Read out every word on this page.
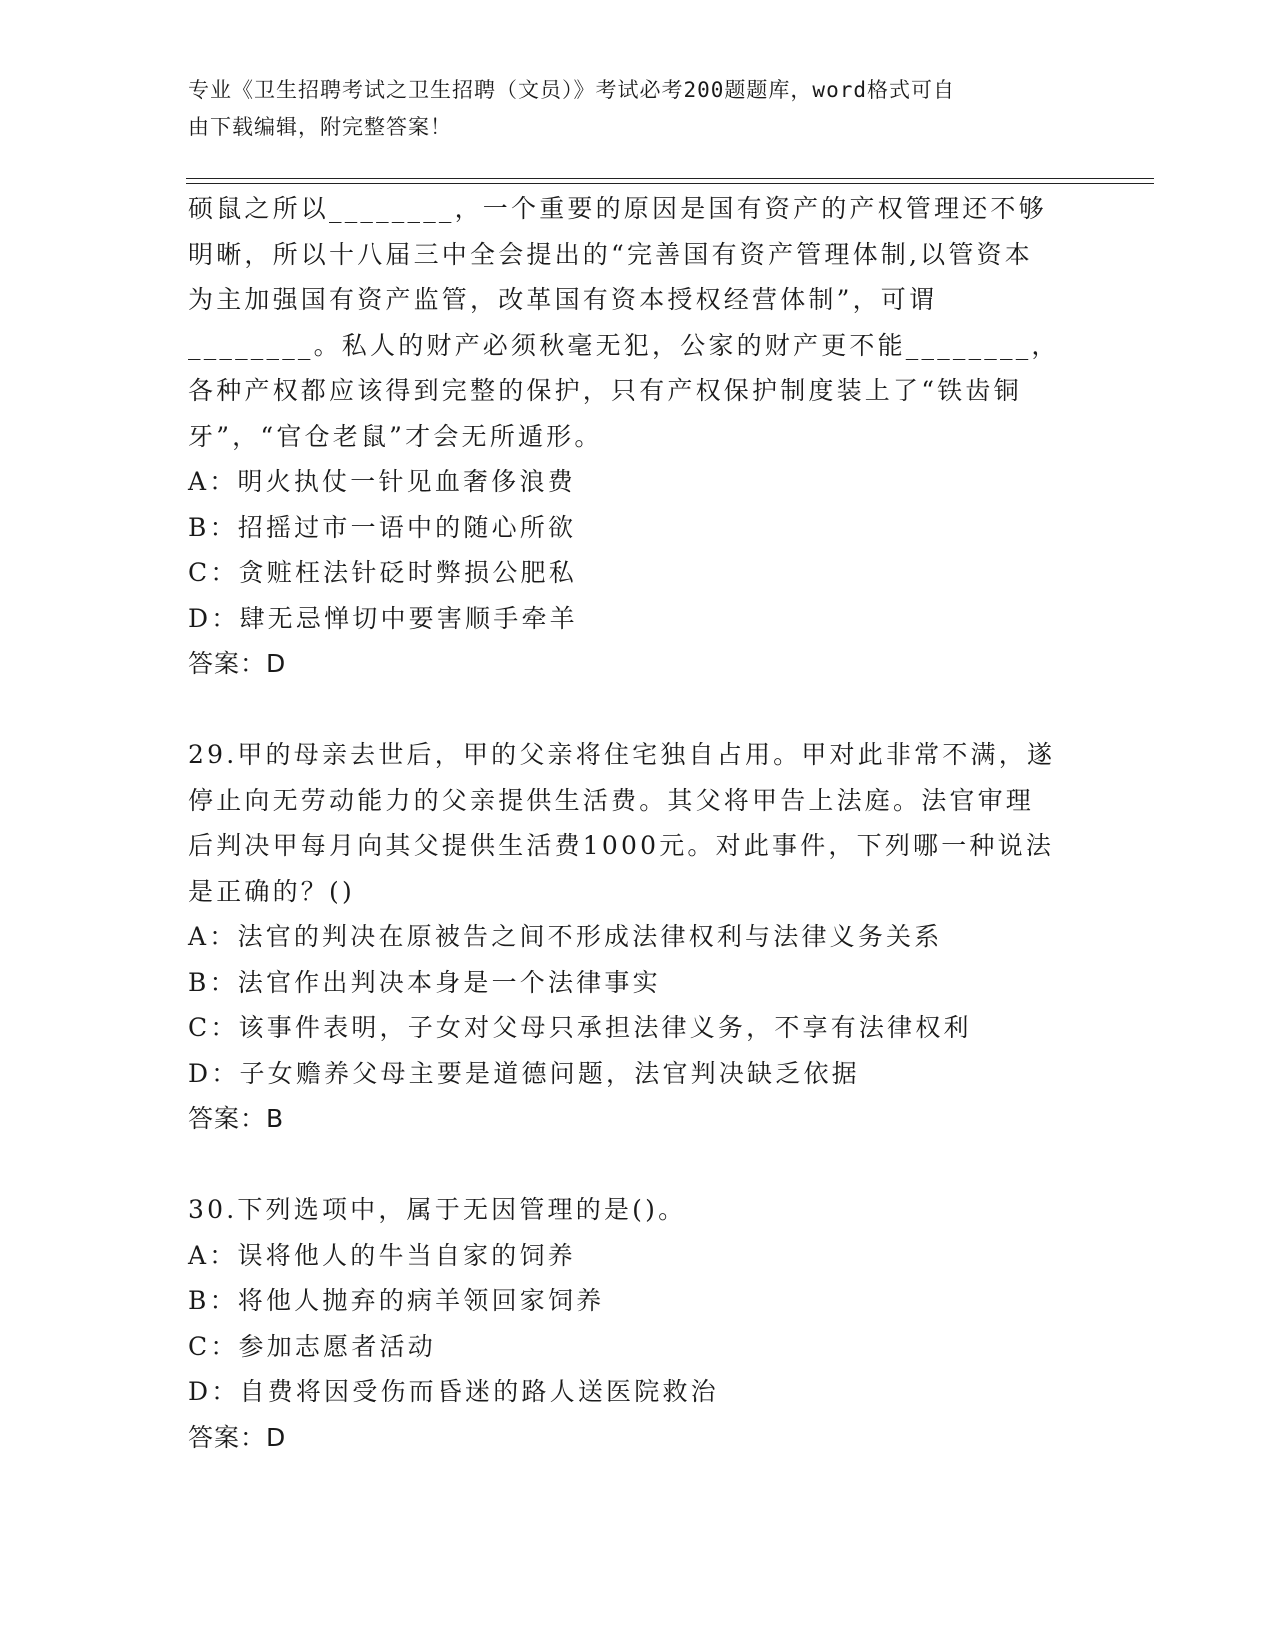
专业《卫生招聘考试之卫生招聘（文员）》考试必考200题题库，word格式可自
由下载编辑，附完整答案！

硕鼠之所以________，一个重要的原因是国有资产的产权管理还不够

明晰，所以十八届三中全会提出的“完善国有资产管理体制,以管资本

为主加强国有资产监管，改革国有资本授权经营体制”，可谓

________。私人的财产必须秋毫无犯，公家的财产更不能________，

各种产权都应该得到完整的保护，只有产权保护制度装上了“铁齿铜

牙”，“官仓老鼠”才会无所遁形。

A：明火执仗一针见血奢侈浪费

B：招摇过市一语中的随心所欲

C：贪赃枉法针砭时弊损公肥私

D：肆无忌惮切中要害顺手牵羊

答案：D

29.甲的母亲去世后，甲的父亲将住宅独自占用。甲对此非常不满，遂

停止向无劳动能力的父亲提供生活费。其父将甲告上法庭。法官审理

后判决甲每月向其父提供生活费1000元。对此事件，下列哪一种说法

是正确的？()

A：法官的判决在原被告之间不形成法律权利与法律义务关系

B：法官作出判决本身是一个法律事实

C：该事件表明，子女对父母只承担法律义务，不享有法律权利

D：子女赡养父母主要是道德问题，法官判决缺乏依据

答案：B

30.下列选项中，属于无因管理的是()。

A：误将他人的牛当自家的饲养

B：将他人抛弃的病羊领回家饲养

C：参加志愿者活动

D：自费将因受伤而昏迷的路人送医院救治

答案：D
